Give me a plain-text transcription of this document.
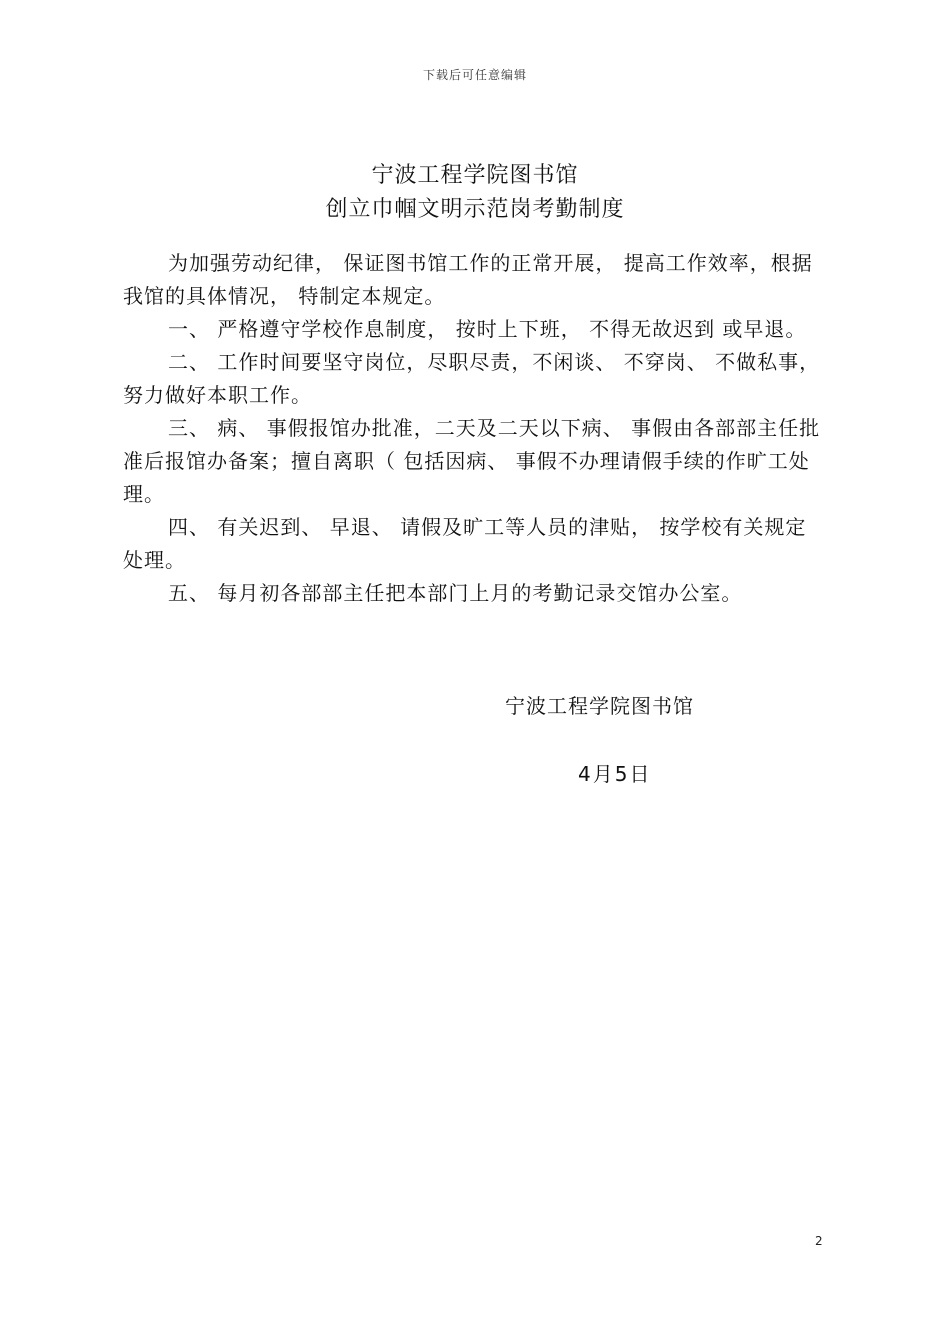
下载后可任意编辑
宁波工程学院图书馆
创立巾帼文明示范岗考勤制度

为加强劳动纪律， 保证图书馆工作的正常开展， 提高工作效率，根据我馆的具体情况， 特制定本规定。

一、 严格遵守学校作息制度， 按时上下班， 不得无故迟到 或早退。

二、 工作时间要坚守岗位，尽职尽责，不闲谈、 不穿岗、 不做私事， 努力做好本职工作。

三、 病、 事假报馆办批准，二天及二天以下病、 事假由各部部主任批准后报馆办备案；擅自离职（ 包括因病、 事假不办理请假手续的作旷工处理。

四、 有关迟到、 早退、 请假及旷工等人员的津贴， 按学校有关规定处理。

五、 每月初各部部主任把本部门上月的考勤记录交馆办公室。

宁波工程学院图书馆
4月5日
2
